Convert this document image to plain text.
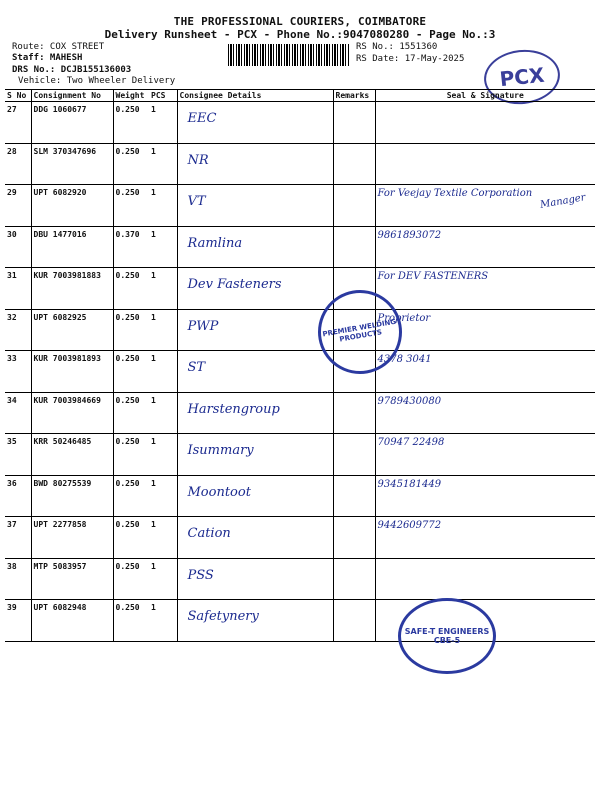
THE PROFESSIONAL COURIERS, COIMBATORE
Delivery Runsheet - PCX - Phone No.:9047080280 - Page No.:3
Route: COX STREET
Staff: MAHESH
DRS No.: DCJB155136003
Vehicle: Two Wheeler Delivery
RS No.: 1551360
RS Date: 17-May-2025
PCX
S No	Consignment No	Weight	PCS	Consignee Details	Remarks	Seal & Signature
27	DDG 1060677	0.250	1	EEC		

28	SLM 370347696	0.250	1	NR		

29	UPT 6082920	0.250	1	VT		For Veejay Textile Corporation
30	DBU 1477016	0.370	1	Ramlina		9861893072
31	KUR 7003981883	0.250	1	Dev Fasteners		For DEV FASTENERS
32	UPT 6082925	0.250	1	PWP		Proprietor
33	KUR 7003981893	0.250	1	ST		4378 3041
34	KUR 7003984669	0.250	1	Harstengroup		9789430080
35	KRR 50246485	0.250	1	Isummary		70947 22498
36	BWD 80275539	0.250	1	Moontoot		9345181449
37	UPT 2277858	0.250	1	Cation		9442609772
38	MTP 5083957	0.250	1	PSS		

39	UPT 6082948	0.250	1	Safetynery		

PREMIER WELDING PRODUCTS
SAFE-T ENGINEERS CBE-5
Manager
